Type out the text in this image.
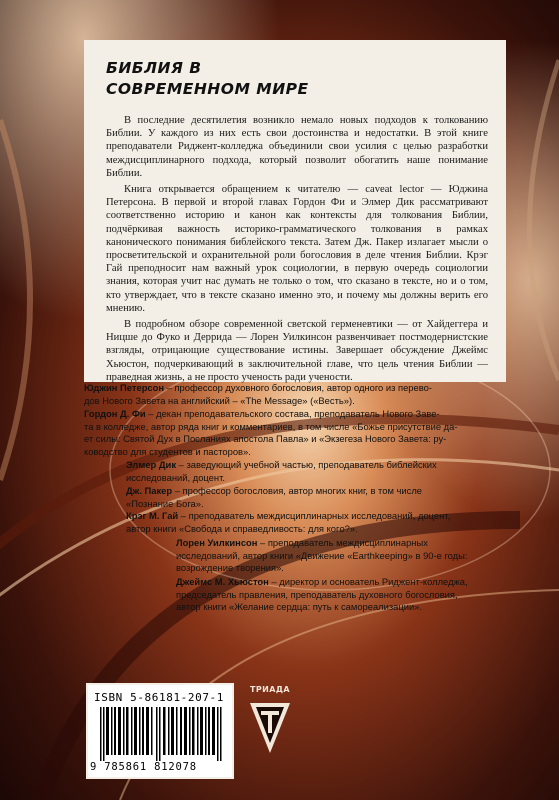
БИБЛИЯ В
СОВРЕМЕННОМ МИРЕ

В последние десятилетия возникло немало новых подходов к толкованию Библии. У каждого из них есть свои достоинства и недостатки. В этой книге преподаватели Риджент-колледжа объединили свои усилия с целью разработки междисциплинарного подхода, который позволит обогатить наше понимание Библии.

Книга открывается обращением к читателю — caveat lector — Юджина Петерсона. В первой и второй главах Гордон Фи и Элмер Дик рассматривают соответственно историю и канон как контексты для толкования Библии, подчёркивая важность историко-грамматического толкования в рамках канонического понимания библейского текста. Затем Дж. Пакер излагает мысли о просветительской и охранительной роли богословия в деле чтения Библии. Крэг Гай преподносит нам важный урок социологии, в первую очередь социологии знания, которая учит нас думать не только о том, что сказано в тексте, но и о том, кто утверждает, что в тексте сказано именно это, и почему мы должны верить его мнению.

В подробном обзоре современной светской герменевтики — от Хайдеггера и Ницше до Фуко и Деррида — Лорен Уилкинсон развенчивает постмодернистские взгляды, отрицающие существование истины. Завершает обсуждение Джеймс Хьюстон, подчеркивающий в заключительной главе, что цель чтения Библии — праведная жизнь, а не просто ученость ради учености.

Юджин Петерсон – профессор духовного богословия, автор одного из перево-
дов Нового Завета на английский – «The Message» («Весть»).
Гордон Д. Фи – декан преподавательского состава, преподаватель Нового Заве-
та в колледже, автор ряда книг и комментариев, в том числе «Божье присутствие да-
ет силы: Святой Дух в Посланиях апостола Павла» и «Экзегеза Нового Завета: ру-
ководство для студентов и пасторов».
Элмер Дик – заведующий учебной частью, преподаватель библейских
исследований, доцент.
Дж. Пакер – профессор богословия, автор многих книг, в том числе
«Познание Бога».
Крэг М. Гай – преподаватель междисциплинарных исследований, доцент,
автор книги «Свобода и справедливость: для когo?».
Лорен Уилкинсон – преподаватель междисциплинарных
исследований, автор книги «Движение «Earthkeeping» в 90-е годы:
возрождение творения».
Джеймс М. Хьюстон – директор и основатель Риджент-колледжа,
председатель правления, преподаватель духовного богословия,
автор книги «Желание сердца: путь к самореализации».
ISBN 5-86181-207-1
9 785861 812078
ТРИАДА
